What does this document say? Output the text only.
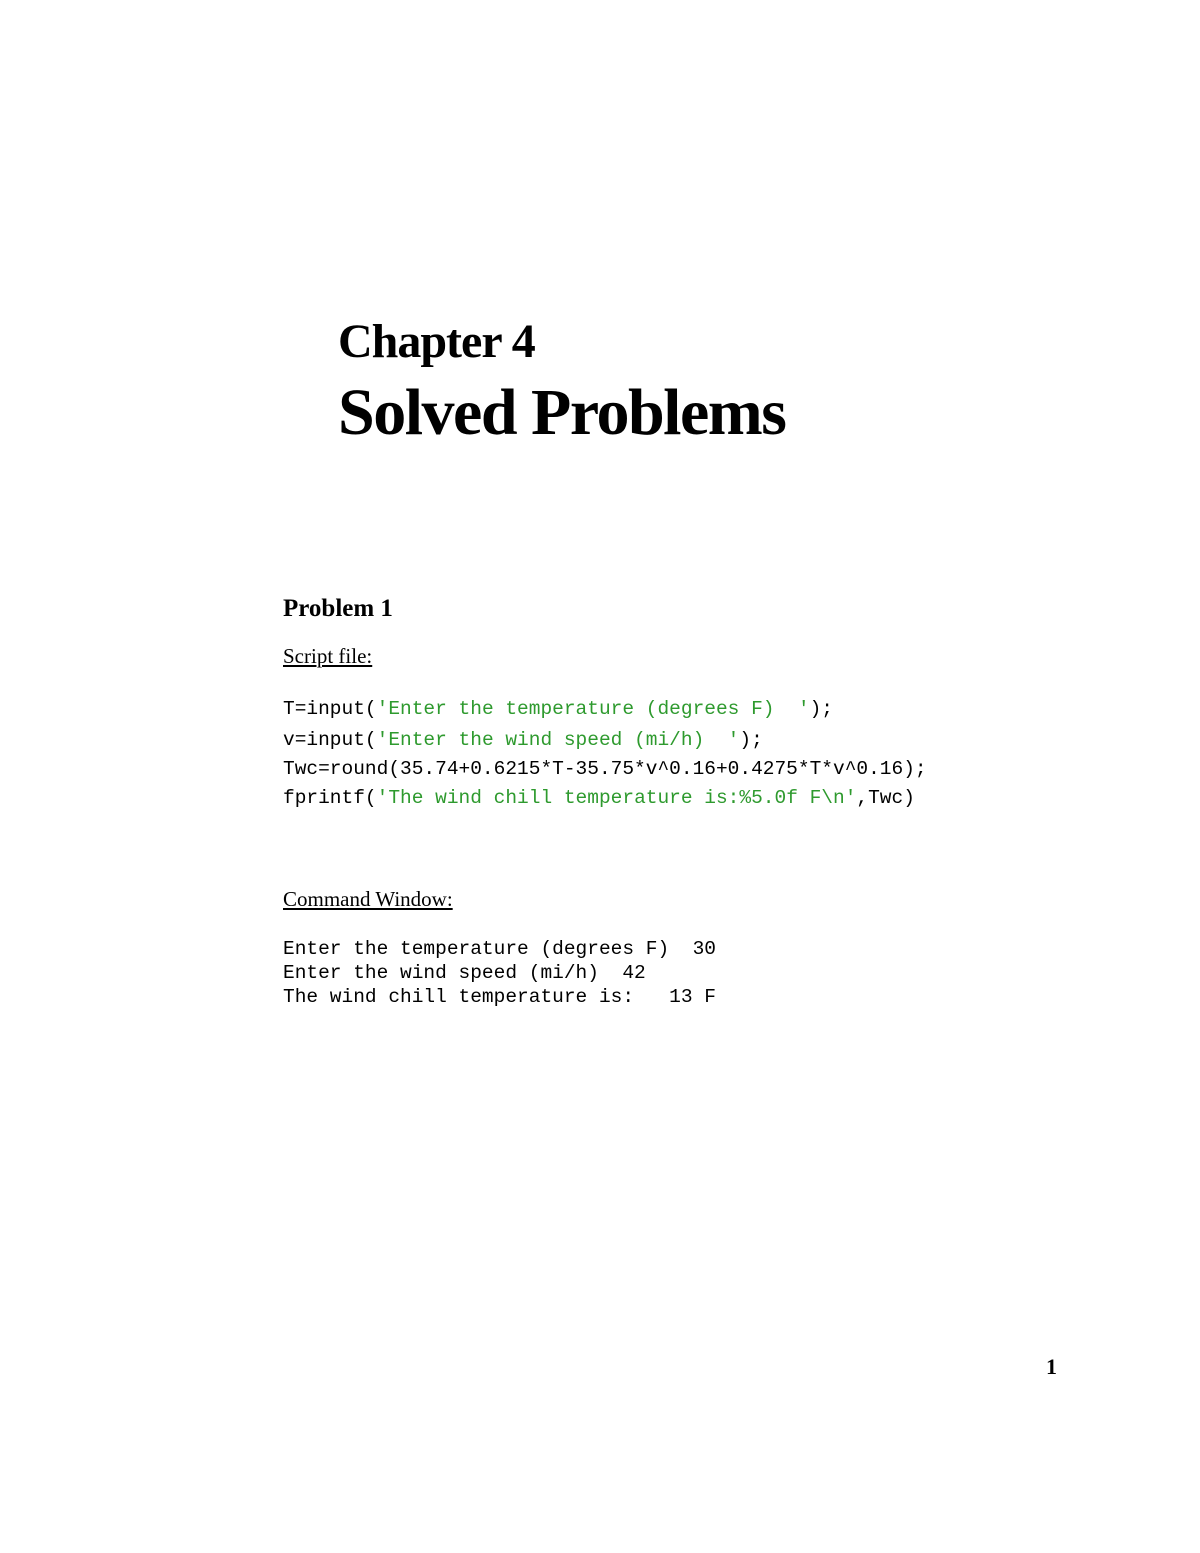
Chapter 4
Solved Problems
Problem 1
Script file:
T=input('Enter the temperature (degrees F)  ');
v=input('Enter the wind speed (mi/h)  ');
Twc=round(35.74+0.6215*T-35.75*v^0.16+0.4275*T*v^0.16);
fprintf('The wind chill temperature is:%5.0f F\n',Twc)
Command Window:
Enter the temperature (degrees F)  30
Enter the wind speed (mi/h)  42
The wind chill temperature is:   13 F
1
